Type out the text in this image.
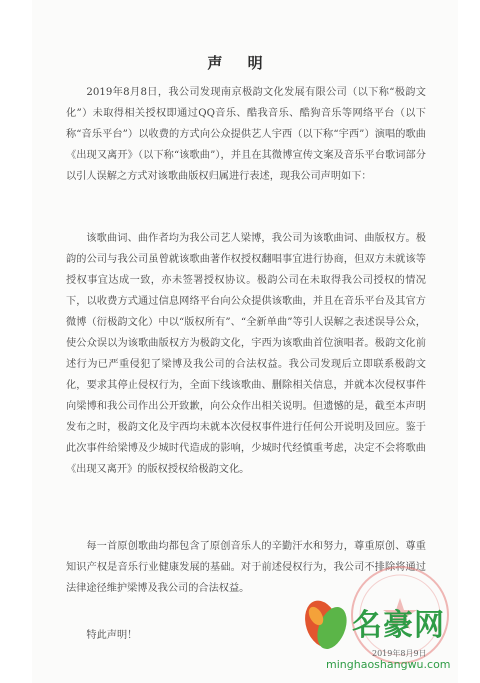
声 明
2019年8月8日，我公司发现南京极韵文化发展有限公司（以下称“极韵文化”）未取得相关授权即通过QQ音乐、酷我音乐、酷狗音乐等网络平台（以下称“音乐平台”）以收费的方式向公众提供艺人宇西（以下称“宇西”）演唱的歌曲《出现又离开》（以下称“该歌曲”），并且在其微博宣传文案及音乐平台歌词部分以引人误解之方式对该歌曲版权归属进行表述，现我公司声明如下：
该歌曲词、曲作者均为我公司艺人梁博，我公司为该歌曲词、曲版权方。极韵的公司与我公司虽曾就该歌曲著作权授权翻唱事宜进行协商，但双方未就该等授权事宜达成一致，亦未签署授权协议。极韵公司在未取得我公司授权的情况下，以收费方式通过信息网络平台向公众提供该歌曲，并且在音乐平台及其官方微博（衍极韵文化）中以“版权所有”、“全新单曲”等引人误解之表述误导公众，使公众误以为该歌曲版权方为极韵文化，宇西为该歌曲首位演唱者。极韵文化前述行为已严重侵犯了梁博及我公司的合法权益。我公司发现后立即联系极韵文化，要求其停止侵权行为，全面下线该歌曲、删除相关信息，并就本次侵权事件向梁博和我公司作出公开致歉，向公众作出相关说明。但遗憾的是，截至本声明发布之时，极韵文化及宇西均未就本次侵权事件进行任何公开说明及回应。鉴于此次事件给梁博及少城时代造成的影响，少城时代经慎重考虑，决定不会将歌曲《出现又离开》的版权授权给极韵文化。
每一首原创歌曲均都包含了原创音乐人的辛勤汗水和努力，尊重原创、尊重知识产权是音乐行业健康发展的基础。对于前述侵权行为，我公司不排除将通过法律途径维护梁博及我公司的合法权益。
特此声明！
2019年8月9日
名豪网
minghaoshangwu.com
